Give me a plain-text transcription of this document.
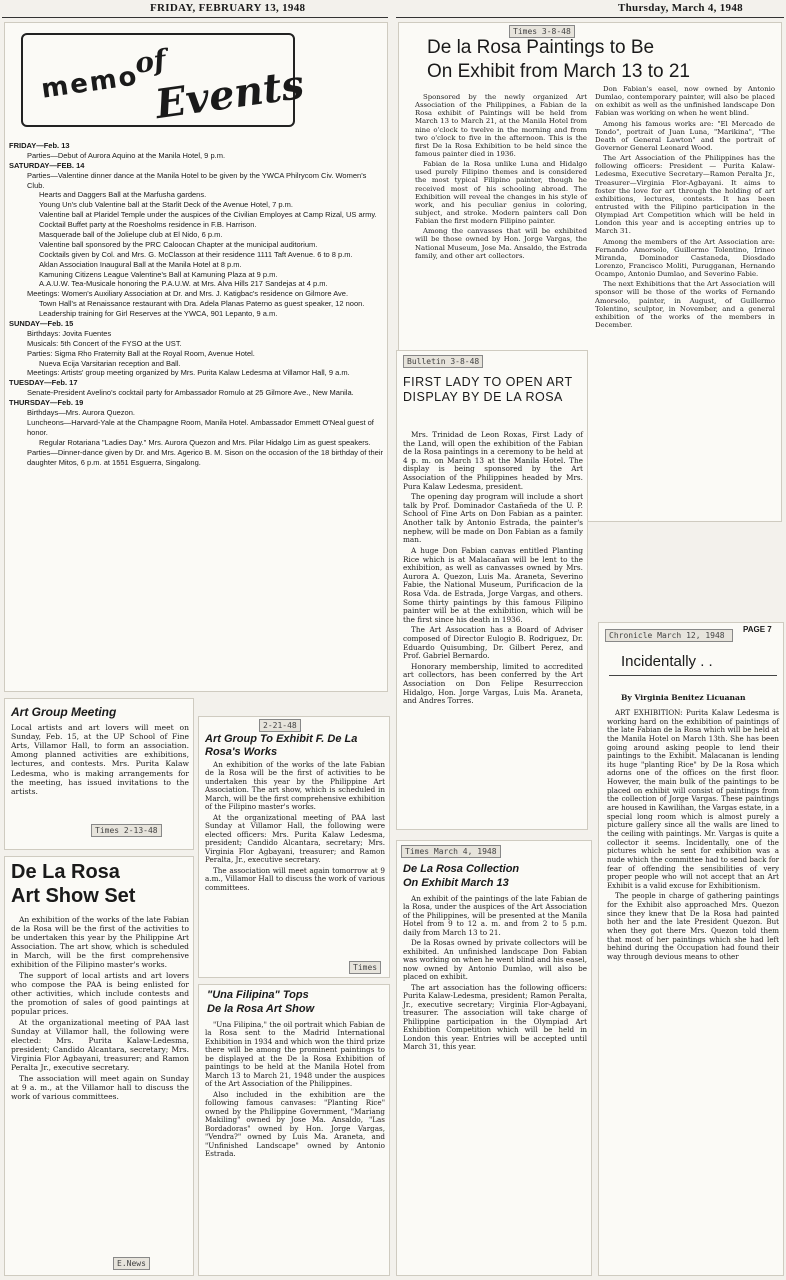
FRIDAY, FEBRUARY 13, 1948	Thursday, March 4, 1948
memo
of
Events
FRIDAY—Feb. 13
Parties—Debut of Aurora Aquino at the Manila Hotel, 9 p.m.
SATURDAY—FEB. 14
Parties—Valentine dinner dance at the Manila Hotel to be given by the YWCA Philrycom Civ. Women's Club.
Hearts and Daggers Ball at the Marfusha gardens.
Young Un's club Valentine ball at the Starlit Deck of the Avenue Hotel, 7 p.m.
Valentine ball at Plaridel Temple under the auspices of the Civilian Employes at Camp Rizal, US army.
Cocktail Buffet party at the Roesholms residence in F.B. Harrison.
Masquerade ball of the Jolielupe club at El Nido, 6 p.m.
Valentine ball sponsored by the PRC Caloocan Chapter at the municipal auditorium.
Cocktails given by Col. and Mrs. G. McClasson at their residence 1111 Taft Avenue. 6 to 8 p.m.
Aklan Association Inaugural Ball at the Manila Hotel at 8 p.m.
Kamuning Citizens League Valentine's Ball at Kamuning Plaza at 9 p.m.
A.A.U.W. Tea-Musicale honoring the P.A.U.W. at Mrs. Alva Hills 217 Sandejas at 4 p.m.
Meetings: Women's Auxiliary Association at Dr. and Mrs. J. Katigbac's residence on Gilmore Ave.
Town Hall's at Renaissance restaurant with Dra. Adela Planas Paterno as guest speaker, 12 noon.
Leadership training for Girl Reserves at the YWCA, 901 Lepanto, 9 a.m.
SUNDAY—Feb. 15
Birthdays: Jovita Fuentes
Musicals: 5th Concert of the FYSO at the UST.
Parties: Sigma Rho Fraternity Ball at the Royal Room, Avenue Hotel.
Nueva Ecija Varsitarian reception and Ball.
Meetings: Artists' group meeting organized by Mrs. Purita Kalaw Ledesma at Villamor Hall, 9 a.m.
TUESDAY—Feb. 17
Senate-President Avelino's cocktail party for Ambassador Romulo at 25 Gilmore Ave., New Manila.
THURSDAY—Feb. 19
Birthdays—Mrs. Aurora Quezon.
Luncheons—Harvard-Yale at the Champagne Room, Manila Hotel. Ambassador Emmett O'Neal guest of honor.
Regular Rotariana "Ladies Day." Mrs. Aurora Quezon and Mrs. Pilar Hidalgo Lim as guest speakers.
Parties—Dinner-dance given by Dr. and Mrs. Agerico B. M. Sison on the occasion of the 18 birthday of their daughter Mitos, 6 p.m. at 1551 Esguerra, Singalong.
Art Group Meeting
Local artists and art lovers will meet on Sunday, Feb. 15, at the UP School of Fine Arts, Villamor Hall, to form an association. Among planned activities are exhibitions, lectures, and contests. Mrs. Purita Kalaw Ledesma, who is making arrangements for the meeting, has issued invitations to the artists.
Times 2-13-48
De La Rosa
Art Show Set

An exhibition of the works of the late Fabian de la Rosa will be the first of the activities to be undertaken this year by the Philippine Art Association. The art show, which is scheduled in March, will be the first comprehensive exhibition of the Filipino master's works.

The support of local artists and art lovers who compose the PAA is being enlisted for other activities, which include contests and the promotion of sales of good paintings at popular prices.

At the organizational meeting of PAA last Sunday at Villamor hall, the following were elected: Mrs. Purita Kalaw-Ledesma, president; Candido Alcantara, secretary; Mrs. Virginia Flor Agbayani, treasurer; and Ramon Peralta Jr., executive secretary.

The association will meet again on Sunday at 9 a. m., at the Villamor hall to discuss the work of various committees.

E.News
2-21-48
Art Group To Exhibit F. De La Rosa's Works

An exhibition of the works of the late Fabian de la Rosa will be the first of activities to be undertaken this year by the Philippine Art Association. The art show, which is scheduled in March, will be the first comprehensive exhibition of the Filipino master's works.

At the organizational meeting of PAA last Sunday at Villamor Hall, the following were elected officers: Mrs. Purita Kalaw Ledesma, president; Candido Alcantara, secretary; Mrs. Virginia Flor Agbayani, treasurer; and Ramon Peralta, Jr., executive secretary.

The association will meet again tomorrow at 9 a.m., Villamor Hall to discuss the work of various committees.

Times
"Una Filipina" Tops
De la Rosa Art Show

"Una Filipina," the oil portrait which Fabian de la Rosa sent to the Madrid International Exhibition in 1934 and which won the third prize there will be among the prominent paintings to be displayed at the De la Rosa Exhibition of paintings to be held at the Manila Hotel from March 13 to March 21, 1948 under the auspices of the Art Association of the Philippines.

Also included in the exhibition are the following famous canvases: "Planting Rice" owned by the Philippine Government, "Mariang Makiling" owned by Jose Ma. Ansaldo, "Las Bordadoras" owned by Hon. Jorge Vargas, "Vendra?" owned by Luis Ma. Araneta, and "Unfinished Landscape" owned by Antonio Estrada.

Times 3-8-48
De la Rosa Paintings to Be
On Exhibit from March 13 to 21

Sponsored by the newly organized Art Association of the Philippines, a Fabian de la Rosa exhibit of Paintings will be held from March 13 to March 21, at the Manila Hotel from nine o'clock to twelve in the morning and from two o'clock to five in the afternoon. This is the first De la Rosa Exhibition to be held since the famous painter died in 1936.

Fabian de la Rosa unlike Luna and Hidalgo used purely Filipino themes and is considered the most typical Filipino painter, though he received most of his schooling abroad. The Exhibition will reveal the changes in his style of work, and his peculiar genius in coloring, subject, and stroke. Modern painters call Don Fabian the first modern Filipino painter.

Among the canvasses that will be exhibited will be those owned by Hon. Jorge Vargas, the National Museum, Jose Ma. Ansaldo, the Estrada family, and other art collectors.

Don Fabian's easel, now owned by Antonio Dumlao, contemporary painter, will also be placed on exhibit as well as the unfinished landscape Don Fabian was working on when he went blind.

Among his famous works are: "El Mercado de Tondo", portrait of Juan Luna, "Marikina", "The Death of General Lawton" and the portrait of Governor General Leonard Wood.

The Art Association of the Philippines has the following officers: President — Purita Kalaw-Ledesma, Executive Secretary—Ramon Peralta Jr., Treasurer—Virginia Flor-Agbayani. It aims to foster the love for art through the holding of art exhibitions, lectures, contests. It has been entrusted with the Filipino participation in the Olympiad Art Competition which will be held in London this year and is accepting entries up to March 31.

Among the members of the Art Association are: Fernando Amorsolo, Guillermo Tolentino, Irineo Miranda, Dominador Castaneda, Diosdado Lorenzo, Francisco Moliti, Purugganan, Hernando Ocampo, Antonio Dumlao, and Severino Fabie.

The next Exhibitions that the Art Association will sponsor will be those of the works of Fernando Amorsolo, painter, in August, of Guillermo Tolentino, sculptor, in November, and a general exhibition of the works of the members in December.

Bulletin 3-8-48
FIRST LADY TO OPEN ART DISPLAY BY DE LA ROSA

Mrs. Trinidad de Leon Roxas, First Lady of the Land, will open the exhibition of the Fabian de la Rosa paintings in a ceremony to be held at 4 p. m. on March 13 at the Manila Hotel. The display is being sponsored by the Art Association of the Philippines headed by Mrs. Pura Kalaw Ledesma, president.

The opening day program will include a short talk by Prof. Dominador Castañeda of the U. P. School of Fine Arts on Don Fabian as a painter. Another talk by Antonio Estrada, the painter's nephew, will be made on Don Fabian as a family man.

A huge Don Fabian canvas entitled Planting Rice which is at Malacañan will be lent to the exhibition, as well as canvasses owned by Mrs. Aurora A. Quezon, Luis Ma. Araneta, Severino Fabie, the National Museum, Purificacion de la Rosa Vda. de Estrada, Jorge Vargas, and others. Some thirty paintings by this famous Filipino painter will be at the exhibition, which will be the first since his death in 1936.

The Art Assocation has a Board of Adviser composed of Director Eulogio B. Rodriguez, Dr. Eduardo Quisumbing, Dr. Gilbert Perez, and Prof. Gabriel Bernardo.

Honorary membership, limited to accredited art collectors, has been conferred by the Art Association on Don Felipe Resurreccion Hidalgo, Hon. Jorge Vargas, Luis Ma. Araneta, and Andres Torres.

Times March 4, 1948
De La Rosa Collection
On Exhibit March 13

An exhibit of the paintings of the late Fabian de la Rosa, under the auspices of the Art Association of the Philippines, will be presented at the Manila Hotel from 9 to 12 a. m. and from 2 to 5 p.m. daily from March 13 to 21.

De la Rosas owned by private collectors will be exhibited. An unfinished landscape Don Fabian was working on when he went blind and his easel, now owned by Antonio Dumlao, will also be placed on exhibit.

The art association has the following officers: Purita Kalaw-Ledesma, president; Ramon Peralta, Jr., executive secretary; Virginia Flor-Agbayani, treasurer. The association will take charge of Philippine participation in the Olympiad Art Exhibition Competition which will be held in London this year. Entries will be accepted until March 31, this year.

Chronicle March 12, 1948
PAGE 7
Incidentally . .
By Virginia Benitez Licuanan

ART EXHIBITION: Purita Kalaw Ledesma is working hard on the exhibition of paintings of the late Fabian de la Rosa which will be held at the Manila Hotel on March 13th. She has been going around asking people to lend their paintings to the Exhibit. Malacanan is lending its huge "planting Rice" by De la Rosa which adorns one of the offices on the first floor. However, the main bulk of the paintings to be placed on exhibit will consist of paintings from the collection of Jorge Vargas. These paintings are housed in Kawilihan, the Vargas estate, in a special long room which is almost purely a picture gallery since all the walls are lined to the ceiling with paintings. Mr. Vargas is quite a collector it seems. Incidentally, one of the pictures which he sent for exhibition was a nude which the committee had to send back for fear of offending the sensibilities of very proper people who will not accept that an Art Exhibit is a valid excuse for Exhibitionism.

The people in charge of gathering paintings for the Exhibit also approached Mrs. Quezon since they knew that De la Rosa had painted both her and the late President Quezon. But when they got there Mrs. Quezon told them that most of her paintings which she had left behind during the Occupation had found their way through devious means to other
